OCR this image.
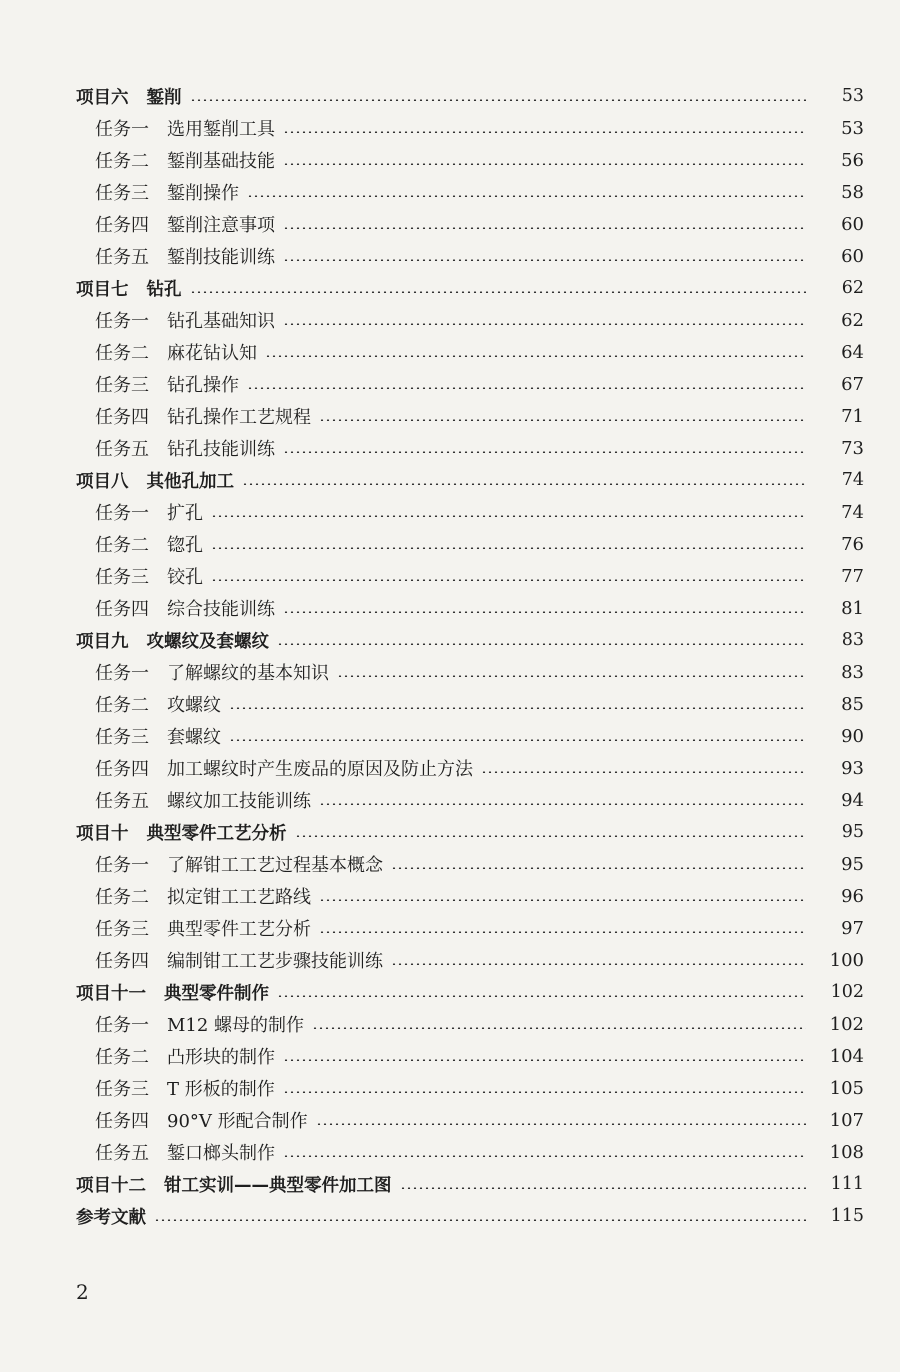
项目六 錾削	53
任务一 选用錾削工具	53
任务二 錾削基础技能	56
任务三 錾削操作	58
任务四 錾削注意事项	60
任务五 錾削技能训练	60
项目七 钻孔	62
任务一 钻孔基础知识	62
任务二 麻花钻认知	64
任务三 钻孔操作	67
任务四 钻孔操作工艺规程	71
任务五 钻孔技能训练	73
项目八 其他孔加工	74
任务一 扩孔	74
任务二 锪孔	76
任务三 铰孔	77
任务四 综合技能训练	81
项目九 攻螺纹及套螺纹	83
任务一 了解螺纹的基本知识	83
任务二 攻螺纹	85
任务三 套螺纹	90
任务四 加工螺纹时产生废品的原因及防止方法	93
任务五 螺纹加工技能训练	94
项目十 典型零件工艺分析	95
任务一 了解钳工工艺过程基本概念	95
任务二 拟定钳工工艺路线	96
任务三 典型零件工艺分析	97
任务四 编制钳工工艺步骤技能训练	100
项目十一 典型零件制作	102
任务一 M12 螺母的制作	102
任务二 凸形块的制作	104
任务三 T 形板的制作	105
任务四 90°V 形配合制作	107
任务五 錾口榔头制作	108
项目十二 钳工实训——典型零件加工图	111
参考文献	115
2
